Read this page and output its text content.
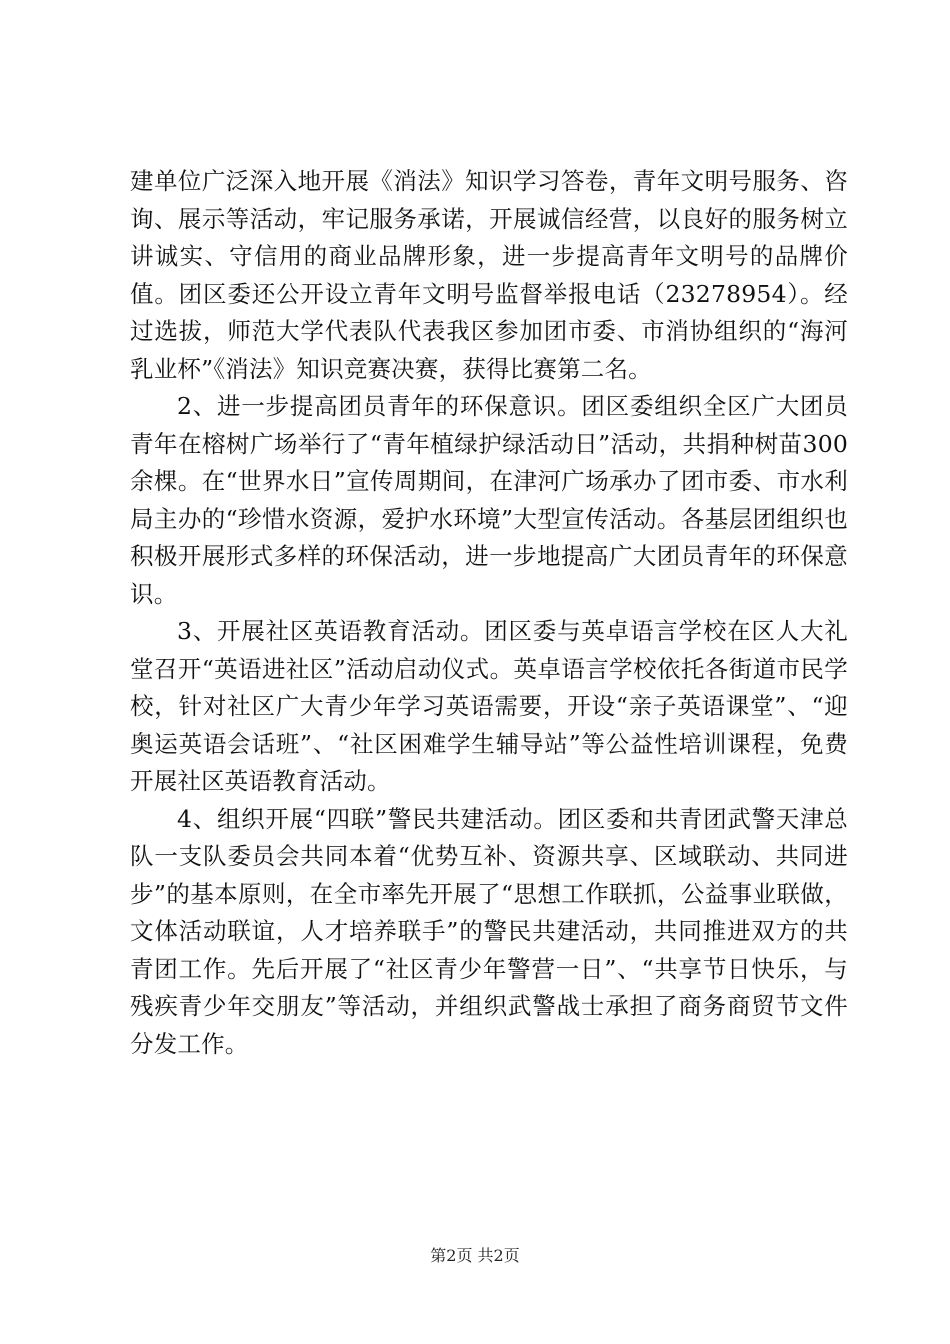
建单位广泛深入地开展《消法》知识学习答卷，青年文明号服务、咨询、展示等活动，牢记服务承诺，开展诚信经营，以良好的服务树立讲诚实、守信用的商业品牌形象，进一步提高青年文明号的品牌价值。团区委还公开设立青年文明号监督举报电话（23278954）。经过选拔，师范大学代表队代表我区参加团市委、市消协组织的“海河乳业杯”《消法》知识竞赛决赛，获得比赛第二名。

2、进一步提高团员青年的环保意识。团区委组织全区广大团员青年在榕树广场举行了“青年植绿护绿活动日”活动，共捐种树苗300余棵。在“世界水日”宣传周期间，在津河广场承办了团市委、市水利局主办的“珍惜水资源，爱护水环境”大型宣传活动。各基层团组织也积极开展形式多样的环保活动，进一步地提高广大团员青年的环保意识。

3、开展社区英语教育活动。团区委与英卓语言学校在区人大礼堂召开“英语进社区”活动启动仪式。英卓语言学校依托各街道市民学校，针对社区广大青少年学习英语需要，开设“亲子英语课堂”、“迎奥运英语会话班”、“社区困难学生辅导站”等公益性培训课程，免费开展社区英语教育活动。

4、组织开展“四联”警民共建活动。团区委和共青团武警天津总队一支队委员会共同本着“优势互补、资源共享、区域联动、共同进步”的基本原则，在全市率先开展了“思想工作联抓，公益事业联做，文体活动联谊，人才培养联手”的警民共建活动，共同推进双方的共青团工作。先后开展了“社区青少年警营一日”、“共享节日快乐，与残疾青少年交朋友”等活动，并组织武警战士承担了商务商贸节文件分发工作。

第2页 共2页
